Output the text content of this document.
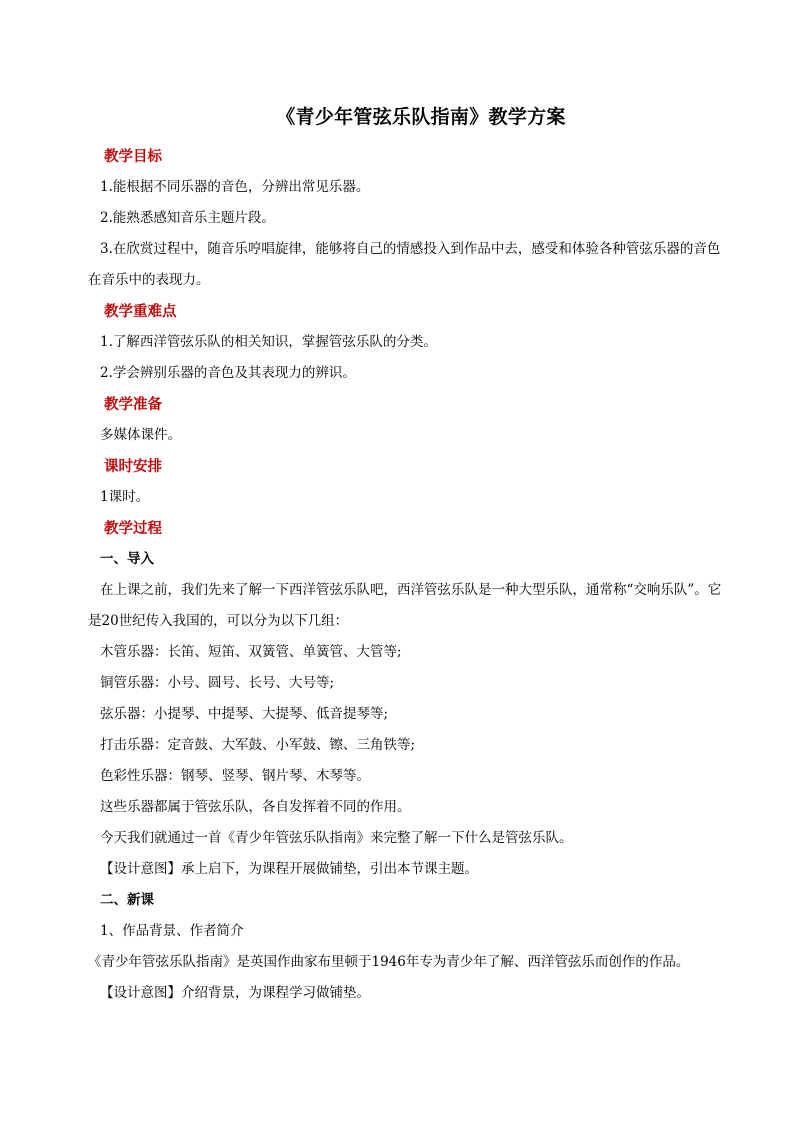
《青少年管弦乐队指南》教学方案

教学目标

1.能根据不同乐器的音色，分辨出常见乐器。

2.能熟悉感知音乐主题片段。

3.在欣赏过程中，随音乐哼唱旋律，能够将自己的情感投入到作品中去，感受和体验各种管弦乐器的音色在音乐中的表现力。

教学重难点

1.了解西洋管弦乐队的相关知识，掌握管弦乐队的分类。

2.学会辨别乐器的音色及其表现力的辨识。

教学准备

多媒体课件。

课时安排

1课时。

教学过程

一、导入

在上课之前，我们先来了解一下西洋管弦乐队吧，西洋管弦乐队是一种大型乐队，通常称“交响乐队”。它是20世纪传入我国的，可以分为以下几组：

木管乐器：长笛、短笛、双簧管、单簧管、大管等;

铜管乐器：小号、圆号、长号、大号等;

弦乐器：小提琴、中提琴、大提琴、低音提琴等;

打击乐器：定音鼓、大军鼓、小军鼓、镲、三角铁等;

色彩性乐器：钢琴、竖琴、钢片琴、木琴等。

这些乐器都属于管弦乐队，各自发挥着不同的作用。

今天我们就通过一首《青少年管弦乐队指南》来完整了解一下什么是管弦乐队。

【设计意图】承上启下，为课程开展做铺垫，引出本节课主题。

二、新课

1、作品背景、作者简介

《青少年管弦乐队指南》是英国作曲家布里顿于1946年专为青少年了解、西洋管弦乐而创作的作品。

【设计意图】介绍背景，为课程学习做铺垫。
